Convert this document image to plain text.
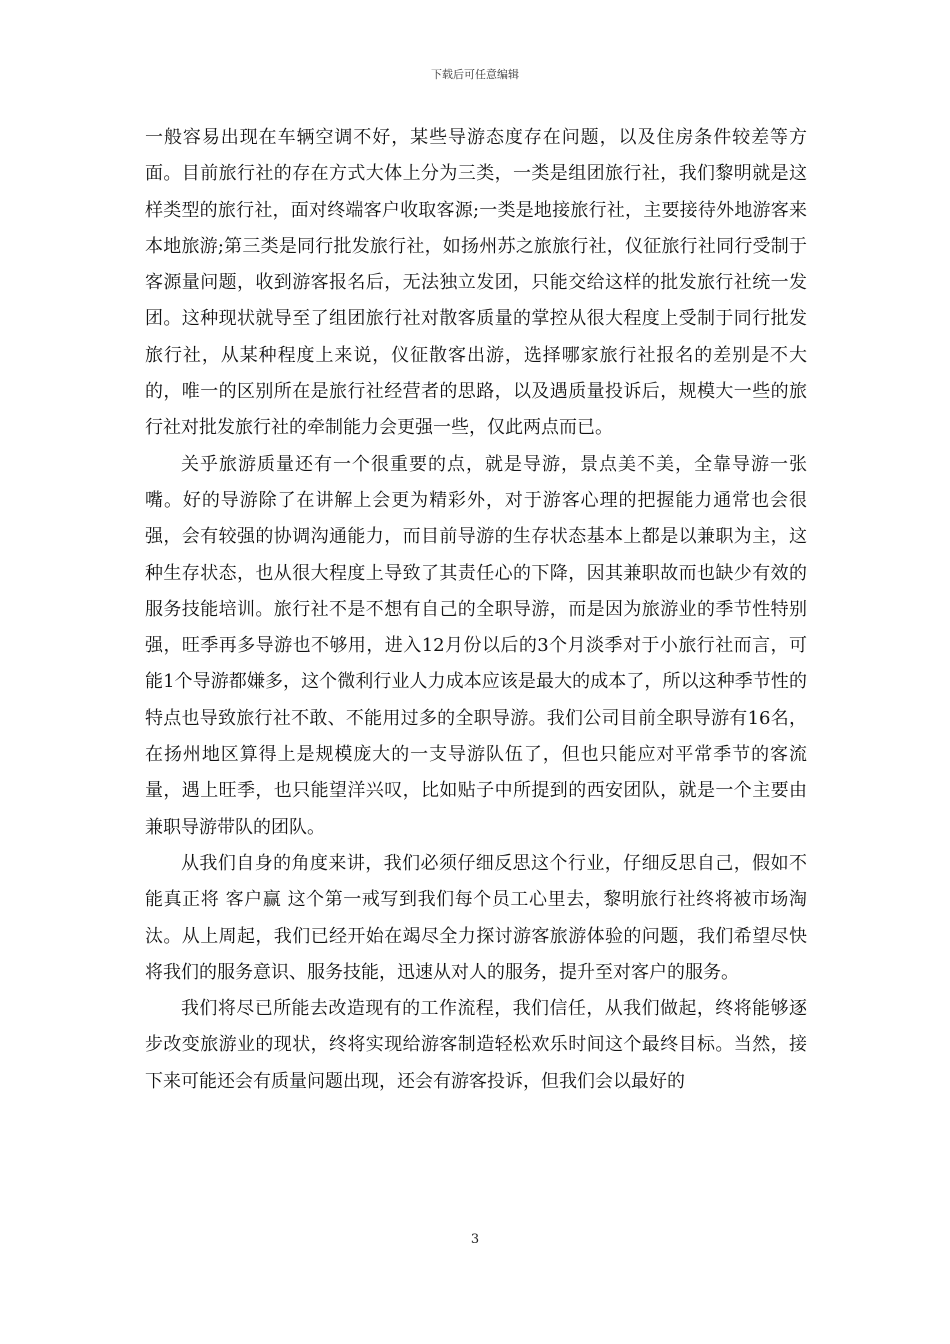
下载后可任意编辑

一般容易出现在车辆空调不好，某些导游态度存在问题，以及住房条件较差等方面。目前旅行社的存在方式大体上分为三类，一类是组团旅行社，我们黎明就是这样类型的旅行社，面对终端客户收取客源;一类是地接旅行社，主要接待外地游客来本地旅游;第三类是同行批发旅行社，如扬州苏之旅旅行社，仪征旅行社同行受制于客源量问题，收到游客报名后，无法独立发团，只能交给这样的批发旅行社统一发团。这种现状就导至了组团旅行社对散客质量的掌控从很大程度上受制于同行批发旅行社，从某种程度上来说，仪征散客出游，选择哪家旅行社报名的差别是不大的，唯一的区别所在是旅行社经营者的思路，以及遇质量投诉后，规模大一些的旅行社对批发旅行社的牵制能力会更强一些，仅此两点而已。

关乎旅游质量还有一个很重要的点，就是导游，景点美不美，全靠导游一张嘴。好的导游除了在讲解上会更为精彩外，对于游客心理的把握能力通常也会很强，会有较强的协调沟通能力，而目前导游的生存状态基本上都是以兼职为主，这种生存状态，也从很大程度上导致了其责任心的下降，因其兼职故而也缺少有效的服务技能培训。旅行社不是不想有自己的全职导游，而是因为旅游业的季节性特别强，旺季再多导游也不够用，进入12月份以后的3个月淡季对于小旅行社而言，可能1个导游都嫌多，这个微利行业人力成本应该是最大的成本了，所以这种季节性的特点也导致旅行社不敢、不能用过多的全职导游。我们公司目前全职导游有16名，在扬州地区算得上是规模庞大的一支导游队伍了，但也只能应对平常季节的客流量，遇上旺季，也只能望洋兴叹，比如贴子中所提到的西安团队，就是一个主要由兼职导游带队的团队。

从我们自身的角度来讲，我们必须仔细反思这个行业，仔细反思自己，假如不能真正将 客户赢 这个第一戒写到我们每个员工心里去，黎明旅行社终将被市场淘汰。从上周起，我们已经开始在竭尽全力探讨游客旅游体验的问题，我们希望尽快将我们的服务意识、服务技能，迅速从对人的服务，提升至对客户的服务。

我们将尽已所能去改造现有的工作流程，我们信任，从我们做起，终将能够逐步改变旅游业的现状，终将实现给游客制造轻松欢乐时间这个最终目标。当然，接下来可能还会有质量问题出现，还会有游客投诉，但我们会以最好的

3
